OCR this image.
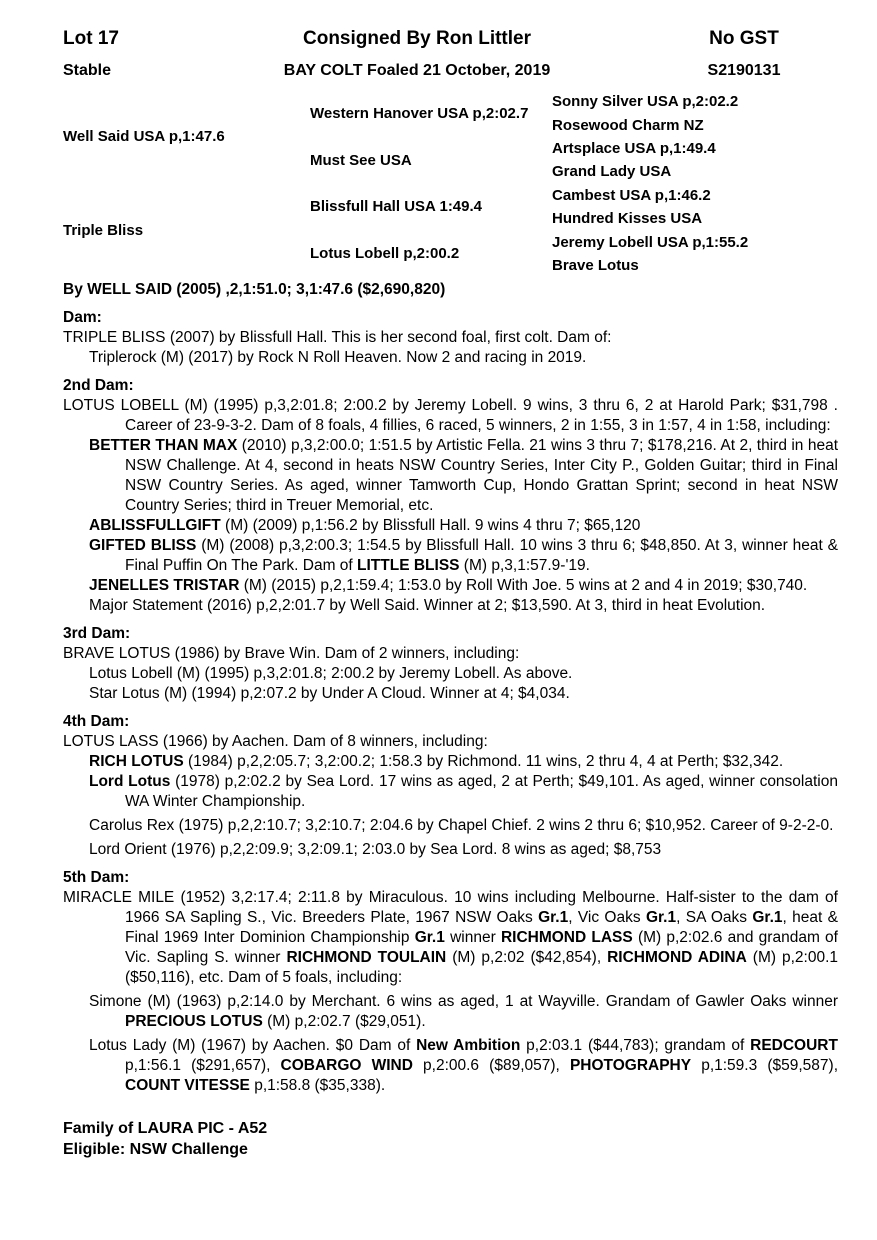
Lot 17	Consigned By Ron Littler	No GST
Stable	BAY COLT Foaled 21 October, 2019	S2190131
Well Said USA p,1:47.6
Triple Bliss
Western Hanover USA p,2:02.7
Must See USA
Blissfull Hall USA 1:49.4
Lotus Lobell p,2:00.2
Sonny Silver USA p,2:02.2
Rosewood Charm NZ
Artsplace USA p,1:49.4
Grand Lady USA
Cambest USA p,1:46.2
Hundred Kisses USA
Jeremy Lobell USA p,1:55.2
Brave Lotus

By WELL SAID (2005) ,2,1:51.0; 3,1:47.6 ($2,690,820)

Dam:

TRIPLE BLISS (2007) by Blissfull Hall. This is her second foal, first colt. Dam of:

Triplerock (M) (2017) by Rock N Roll Heaven. Now 2 and racing in 2019.

2nd Dam:

LOTUS LOBELL (M) (1995) p,3,2:01.8; 2:00.2 by Jeremy Lobell. 9 wins, 3 thru 6, 2 at Harold Park; $31,798 . Career of 23-9-3-2. Dam of 8 foals, 4 fillies, 6 raced, 5 winners, 2 in 1:55, 3 in 1:57, 4 in 1:58, including:

BETTER THAN MAX (2010) p,3,2:00.0; 1:51.5 by Artistic Fella. 21 wins 3 thru 7; $178,216. At 2, third in heat NSW Challenge. At 4, second in heats NSW Country Series, Inter City P., Golden Guitar; third in Final NSW Country Series. As aged, winner Tamworth Cup, Hondo Grattan Sprint; second in heat NSW Country Series; third in Treuer Memorial, etc.

ABLISSFULLGIFT (M) (2009) p,1:56.2 by Blissfull Hall. 9 wins 4 thru 7; $65,120

GIFTED BLISS (M) (2008) p,3,2:00.3; 1:54.5 by Blissfull Hall. 10 wins 3 thru 6; $48,850. At 3, winner heat & Final Puffin On The Park. Dam of LITTLE BLISS (M) p,3,1:57.9-'19.

JENELLES TRISTAR (M) (2015) p,2,1:59.4; 1:53.0 by Roll With Joe. 5 wins at 2 and 4 in 2019; $30,740.

Major Statement (2016) p,2,2:01.7 by Well Said. Winner at 2; $13,590. At 3, third in heat Evolution.

3rd Dam:

BRAVE LOTUS (1986) by Brave Win. Dam of 2 winners, including:

Lotus Lobell (M) (1995) p,3,2:01.8; 2:00.2 by Jeremy Lobell. As above.

Star Lotus (M) (1994) p,2:07.2 by Under A Cloud. Winner at 4; $4,034.

4th Dam:

LOTUS LASS (1966) by Aachen. Dam of 8 winners, including:

RICH LOTUS (1984) p,2,2:05.7; 3,2:00.2; 1:58.3 by Richmond. 11 wins, 2 thru 4, 4 at Perth; $32,342.

Lord Lotus (1978) p,2:02.2 by Sea Lord. 17 wins as aged, 2 at Perth; $49,101. As aged, winner consolation WA Winter Championship.

Carolus Rex (1975) p,2,2:10.7; 3,2:10.7; 2:04.6 by Chapel Chief. 2 wins 2 thru 6; $10,952. Career of 9-2-2-0.

Lord Orient (1976) p,2,2:09.9; 3,2:09.1; 2:03.0 by Sea Lord. 8 wins as aged; $8,753

5th Dam:

MIRACLE MILE (1952) 3,2:17.4; 2:11.8 by Miraculous. 10 wins including Melbourne. Half-sister to the dam of 1966 SA Sapling S., Vic. Breeders Plate, 1967 NSW Oaks Gr.1, Vic Oaks Gr.1, SA Oaks Gr.1, heat & Final 1969 Inter Dominion Championship Gr.1 winner RICHMOND LASS (M) p,2:02.6 and grandam of Vic. Sapling S. winner RICHMOND TOULAIN (M) p,2:02 ($42,854), RICHMOND ADINA (M) p,2:00.1 ($50,116), etc. Dam of 5 foals, including:

Simone (M) (1963) p,2:14.0 by Merchant. 6 wins as aged, 1 at Wayville. Grandam of Gawler Oaks winner PRECIOUS LOTUS (M) p,2:02.7 ($29,051).

Lotus Lady (M) (1967) by Aachen. $0 Dam of New Ambition p,2:03.1 ($44,783); grandam of REDCOURT p,1:56.1 ($291,657), COBARGO WIND p,2:00.6 ($89,057), PHOTOGRAPHY p,1:59.3 ($59,587), COUNT VITESSE p,1:58.8 ($35,338).

Family of LAURA PIC - A52

Eligible: NSW Challenge
